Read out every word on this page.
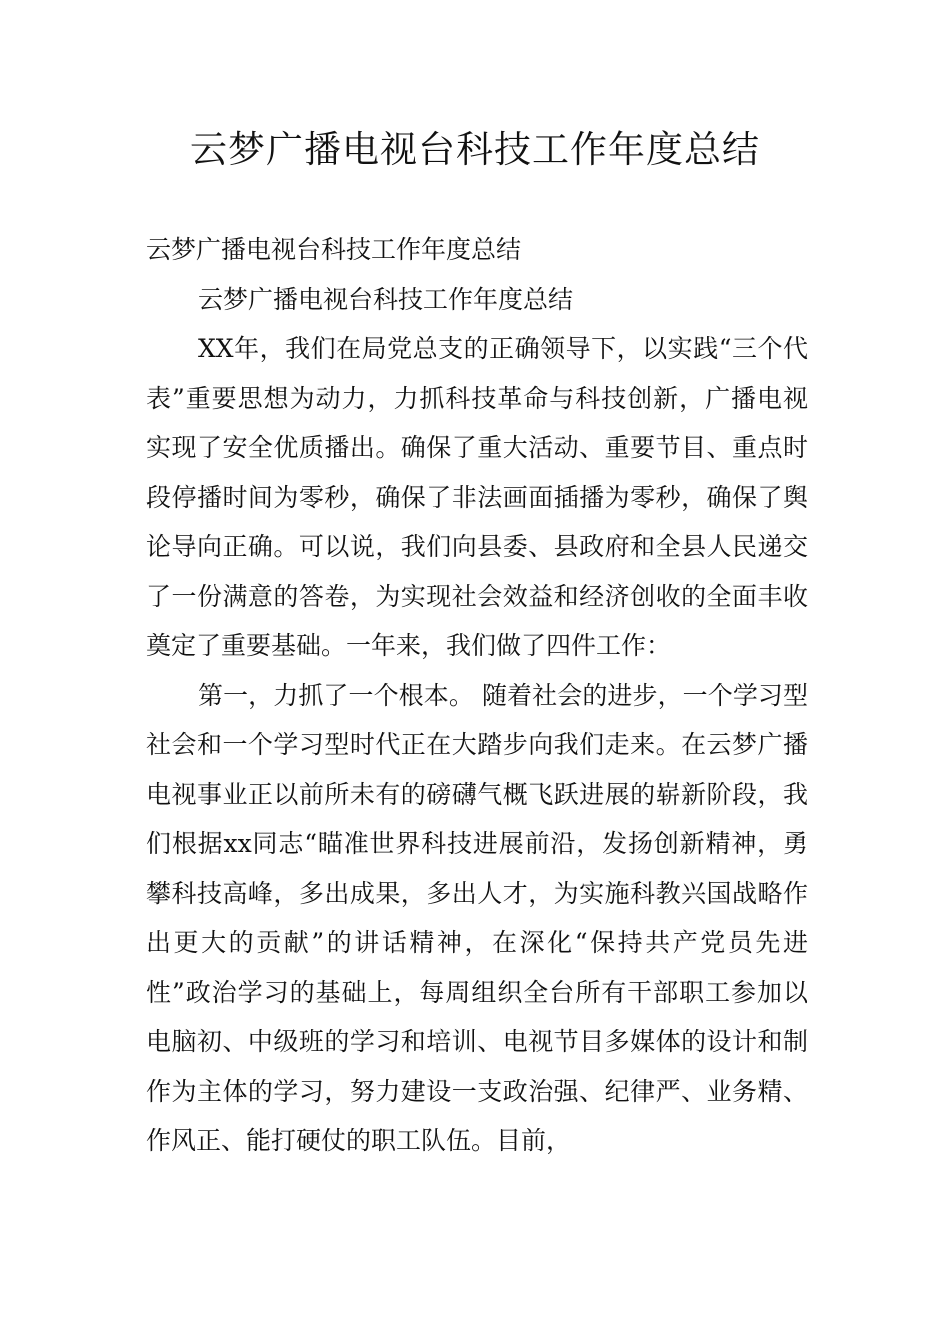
云梦广播电视台科技工作年度总结

云梦广播电视台科技工作年度总结

云梦广播电视台科技工作年度总结

XX年，我们在局党总支的正确领导下，以实践“三个代表”重要思想为动力，力抓科技革命与科技创新，广播电视实现了安全优质播出。确保了重大活动、重要节目、重点时段停播时间为零秒，确保了非法画面插播为零秒，确保了舆论导向正确。可以说，我们向县委、县政府和全县人民递交了一份满意的答卷，为实现社会效益和经济创收的全面丰收奠定了重要基础。一年来，我们做了四件工作：

第一，力抓了一个根本。 随着社会的进步，一个学习型社会和一个学习型时代正在大踏步向我们走来。在云梦广播电视事业正以前所未有的磅礴气概飞跃进展的崭新阶段，我们根据xx同志“瞄准世界科技进展前沿，发扬创新精神，勇攀科技高峰，多出成果，多出人才，为实施科教兴国战略作出更大的贡献”的讲话精神，在深化“保持共产党员先进性”政治学习的基础上，每周组织全台所有干部职工参加以电脑初、中级班的学习和培训、电视节目多媒体的设计和制作为主体的学习，努力建设一支政治强、纪律严、业务精、作风正、能打硬仗的职工队伍。目前，
